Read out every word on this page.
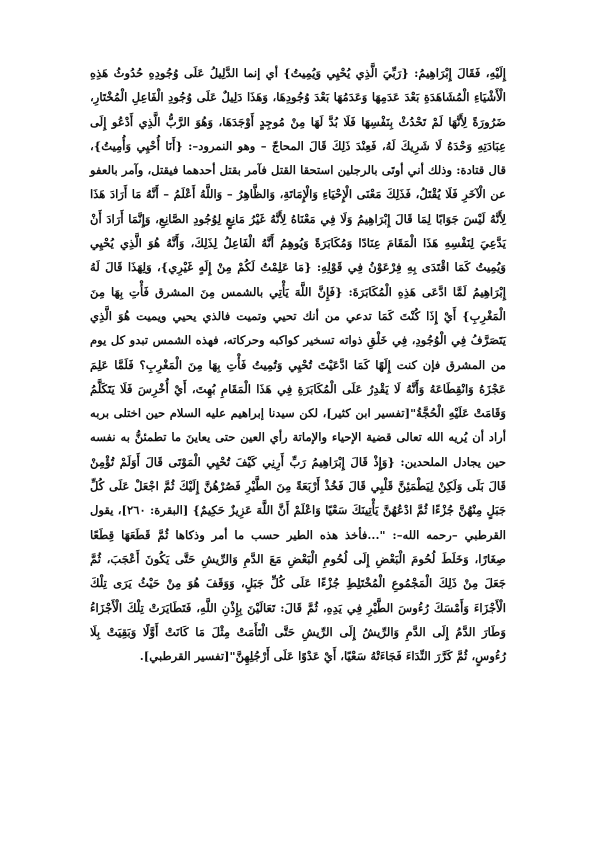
إِلَيْهِ، فَقَالَ إِبْرَاهِيمُ: {رَبِّيَ الَّذِي يُحْيِي وَيُمِيتُ} أي إنما الدَّلِيلُ عَلَى وُجُودِهِ حُدُوثُ هَذِهِ الْأَشْيَاءِ الْمُشَاهَدَةِ بَعْدَ عَدَمِهَا وَعَدَمُهَا بَعْدَ وُجُودِهَا، وَهَذَا دَلِيلٌ عَلَى وُجُودِ الْفَاعِلِ الْمُخْتَارِ، ضَرُورَةً لِأَنَّهَا لَمْ تَحْدُثْ بِنَفْسِهَا فَلَا بُدَّ لَهَا مِنْ مُوجِدٍ أَوْجَدَهَا، وَهُوَ الرَّبُّ الَّذِي أَدْعُو إِلَى عِبَادَتِهِ وَحْدَهُ لَا شَرِيكَ لَهُ، فَعِنْدَ ذَلِكَ قَالَ المحاجّ – وهو النمرود–: {أَنَا أُحْيِي وَأُمِيتُ}، قال قتادة: وذلك أني أوتَى بالرجلين استحقا القتل فآمر بقتل أحدهما فيقتل، وآمر بالعفو عن الْآخَرِ فَلَا يُقْتَلُ، فَذَلِكَ مَعْنَى الْإِحْيَاءِ وَالْإِمَاتَةِ، وَالظَّاهِرُ – وَاللَّهُ أَعْلَمُ – أَنَّهُ مَا أَرَادَ هَذَا لِأَنَّهُ لَيْسَ جَوَابًا لِمَا قَالَ إِبْرَاهِيمُ وَلَا فِي مَعْنَاهُ لِأَنَّهُ غَيْرُ مَانِعٍ لِوُجُودِ الصَّانِعِ، وَإِنَّمَا أَرَادَ أَنْ يَدَّعِيَ لِنَفْسِهِ هَذَا الْمَقَامَ عِنَادًا وَمُكَابَرَةً وَيُوهِمُ أَنَّهُ الْفَاعِلُ لِذَلِكَ، وَأَنَّهُ هُوَ الَّذِي يُحْيِي وَيُمِيتُ كَمَا اقْتَدَى بِهِ فِرْعَوْنُ فِي قَوْلِهِ: {مَا عَلِمْتُ لَكُمْ مِنْ إِلَهٍ غَيْرِي}، وَلِهَذَا قَالَ لَهُ إِبْرَاهِيمُ لَمَّا ادَّعَى هَذِهِ الْمُكَابَرَةَ: {فَإِنَّ اللَّهَ يَأْتِي بالشمس مِنَ المشرق فَأْتِ بِهَا مِنَ الْمَغْرِبِ} أَيْ إِذَا كُنْتَ كَمَا تدعي من أنك تحيي وتميت فالذي يحيي ويميت هُوَ الَّذِي يَتَصَرَّفُ فِي الْوُجُودِ، فِي خَلْقِ ذواته تسخير كواكبه وحركاته، فهذه الشمس تبدو كل يوم من المشرق فإن كنت إِلَهًا كَمَا ادَّعَيْتَ تُحْيِي وَتُمِيتُ فَأْتِ بِهَا مِنَ الْمَغْرِبِ؟ فَلَمَّا عَلِمَ عَجْزَهُ وَانْقِطَاعَهُ وَأَنَّهُ لَا يَقْدِرُ عَلَى الْمُكَابَرَةِ فِي هَذَا الْمَقَامِ بُهِتَ، أَيْ أُخْرِسَ فَلَا يَتَكَلَّمُ وَقَامَتْ عَلَيْهِ الْحُجَّةُ"[تفسير ابن كثير]، لكن سيدنا إبراهيم عليه السلام حين اختلى بربه أراد أن يُريه الله تعالى قضية الإحياء والإماتة رأي العين حتى يعاينَ ما تطمئنُّ به نفسه حين يجادل الملحدين: {وَإِذْ قَالَ إِبْرَاهِيمُ رَبِّ أَرِنِي كَيْفَ تُحْيِي الْمَوْتَى قَالَ أَوَلَمْ تُؤْمِنْ قَالَ بَلَى وَلَكِنْ لِيَطْمَئِنَّ قَلْبِي قَالَ فَخُذْ أَرْبَعَةً مِنَ الطَّيْرِ فَصُرْهُنَّ إِلَيْكَ ثُمَّ اجْعَلْ عَلَى كُلِّ جَبَلٍ مِنْهُنَّ جُزْءًا ثُمَّ ادْعُهُنَّ يَأْتِينَكَ سَعْيًا وَاعْلَمْ أَنَّ اللَّهَ عَزِيزٌ حَكِيمٌ} [البقرة: ٢٦٠]، يقول القرطبي –رحمه الله–: "...فأخذ هذه الطير حسب ما أمر وذكاها ثُمَّ قَطَعَهَا قِطَعًا صِغَارًا، وَخَلَطَ لُحُومَ الْبَعْضِ إِلَى لُحُومِ الْبَعْضِ مَعَ الدَّمِ وَالرِّيشِ حَتَّى يَكُونَ أَعْجَبَ، ثُمَّ جَعَلَ مِنْ ذَلِكَ الْمَجْمُوعِ الْمُخْتَلِطِ جُزْءًا عَلَى كُلِّ جَبَلٍ، وَوَقَفَ هُوَ مِنْ حَيْثُ يَرَى تِلْكَ الْأَجْزَاءَ وَأَمْسَكَ رُءُوسَ الطَّيْرِ فِي يَدِهِ، ثُمَّ قَالَ: تَعَالَيْنَ بِإِذْنِ اللَّهِ، فَتَطَايَرَتْ تِلْكَ الْأَجْزَاءُ وَطَارَ الدَّمُ إِلَى الدَّمِ وَالرِّيشُ إِلَى الرِّيشِ حَتَّى الْتَأَمَتْ مِثْلَ مَا كَانَتْ أَوَّلًا وَبَقِيَتْ بِلَا رُءُوسٍ، ثُمَّ كَرَّرَ النِّدَاءَ فَجَاءَتْهُ سَعْيًا، أَيْ عَدْوًا عَلَى أَرْجُلِهِنَّ"[تفسير القرطبي].
